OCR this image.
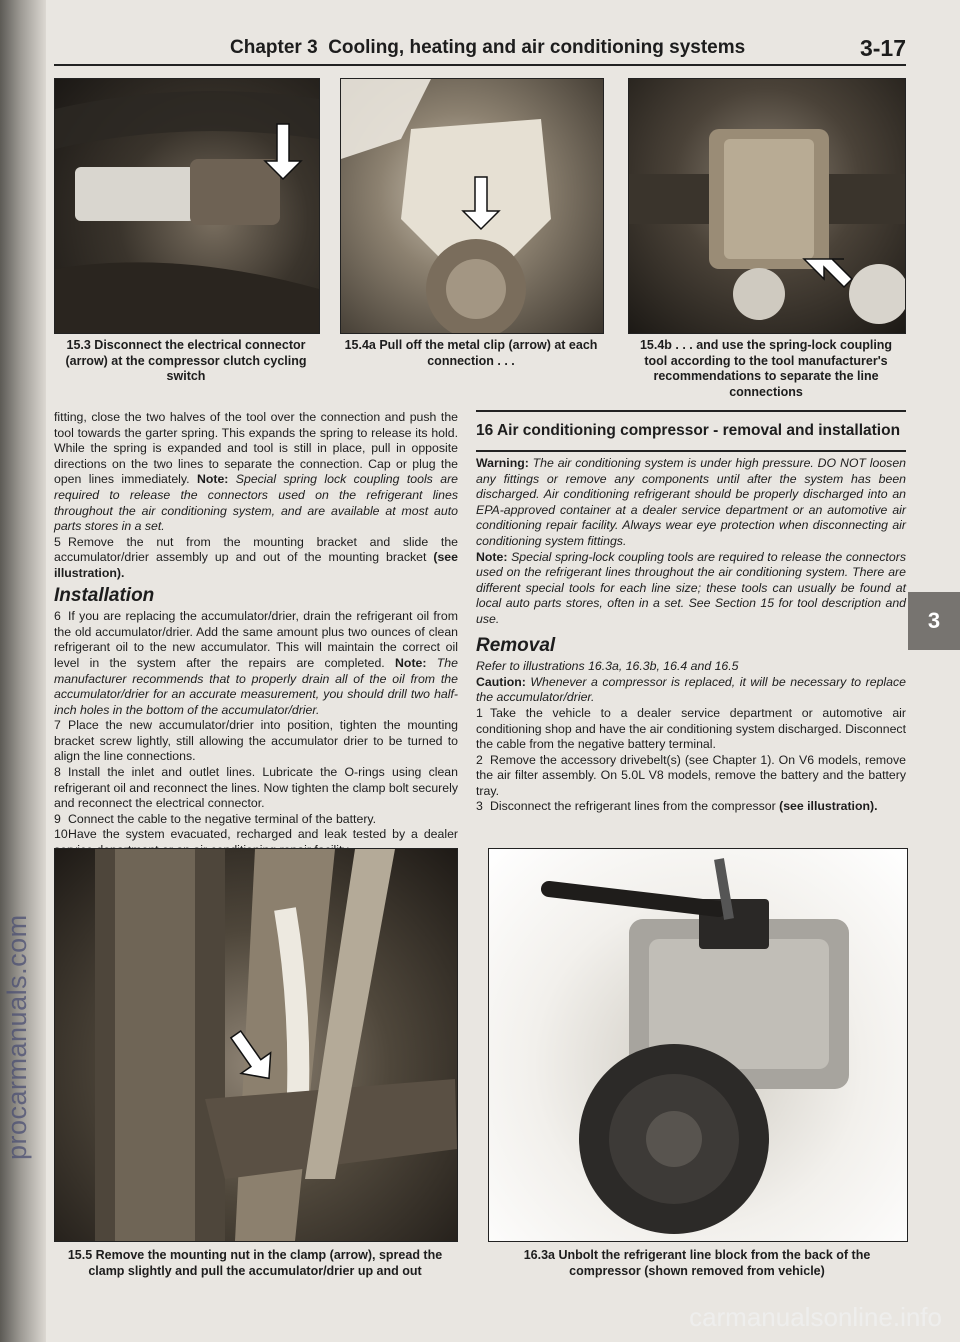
procarmanuals.com
Chapter 3 Cooling, heating and air conditioning systems	3-17
15.3 Disconnect the electrical connector (arrow) at the compressor clutch cycling switch
15.4a Pull off the metal clip (arrow) at each connection . . .
15.4b . . . and use the spring-lock coupling tool according to the tool manufacturer's recommendations to separate the line connections

fitting, close the two halves of the tool over the connection and push the tool towards the garter spring. This expands the spring to release its hold. While the spring is expanded and tool is still in place, pull in opposite directions on the two lines to separate the connection. Cap or plug the open lines immediately. Note: Special spring lock coupling tools are required to release the connectors used on the refrigerant lines throughout the air conditioning system, and are available at most auto parts stores in a set.

5 Remove the nut from the mounting bracket and slide the accumulator/drier assembly up and out of the mounting bracket (see illustration).

Installation

6 If you are replacing the accumulator/drier, drain the refrigerant oil from the old accumulator/drier. Add the same amount plus two ounces of clean refrigerant oil to the new accumulator. This will maintain the correct oil level in the system after the repairs are completed. Note: The manufacturer recommends that to properly drain all of the oil from the accumulator/drier for an accurate measurement, you should drill two half-inch holes in the bottom of the accumulator/drier.

7 Place the new accumulator/drier into position, tighten the mounting bracket screw lightly, still allowing the accumulator drier to be turned to align the line connections.

8 Install the inlet and outlet lines. Lubricate the O-rings using clean refrigerant oil and reconnect the lines. Now tighten the clamp bolt securely and reconnect the electrical connector.

9 Connect the cable to the negative terminal of the battery.

10Have the system evacuated, recharged and leak tested by a dealer

16 Air conditioning compressor - removal and installation

Warning: The air conditioning system is under high pressure. DO NOT loosen any fittings or remove any components until after the system has been discharged. Air conditioning refrigerant should be properly discharged into an EPA-approved container at a dealer service department or an automotive air conditioning repair facility. Always wear eye protection when disconnecting air conditioning system fittings.

Note: Special spring-lock coupling tools are required to release the connectors used on the refrigerant lines throughout the air conditioning system. There are different special tools for each line size; these tools can usually be found at local auto parts stores, often in a set. See Section 15 for tool description and use.

Removal

Refer to illustrations 16.3a, 16.3b, 16.4 and 16.5

Caution: Whenever a compressor is replaced, it will be necessary to replace the accumulator/drier.

1 Take the vehicle to a dealer service department or automotive air conditioning shop and have the air conditioning system discharged. Disconnect the cable from the negative battery terminal.

2 Remove the accessory drivebelt(s) (see Chapter 1). On V6 models, remove the air filter assembly. On 5.0L V8 models, remove the battery and the battery tray.

3 Disconnect the refrigerant lines from the compressor (see illustration).

3
15.5 Remove the mounting nut in the clamp (arrow), spread the clamp slightly and pull the accumulator/drier up and out
16.3a Unbolt the refrigerant line block from the back of the compressor (shown removed from vehicle)
carmanualsonline.info
